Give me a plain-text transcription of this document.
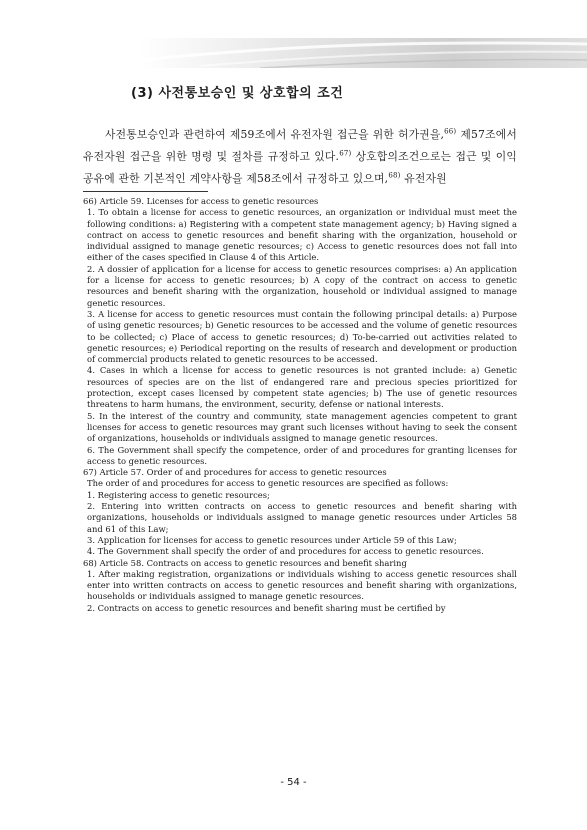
(3) 사전통보승인 및 상호합의 조건
사전통보승인과 관련하여 제59조에서 유전자원 접근을 위한 허가권을,$^{66)}$ 제57조에서 유전자원 접근을 위한 명령 및 절차를 규정하고 있다.$^{67)}$ 상호합의조건으로는 접근 및 이익공유에 관한 기본적인 계약사항을 제58조에서 규정하고 있으며,$^{68)}$ 유전자원

66) Article 59. Licenses for access to genetic resources

1. To obtain a license for access to genetic resources, an organization or individual must meet the following conditions: a) Registering with a competent state management agency; b) Having signed a contract on access to genetic resources and benefit sharing with the organization, household or individual assigned to manage genetic resources; c) Access to genetic resources does not fall into either of the cases specified in Clause 4 of this Article.

2. A dossier of application for a license for access to genetic resources comprises: a) An application for a license for access to genetic resources; b) A copy of the contract on access to genetic resources and benefit sharing with the organization, household or individual assigned to manage genetic resources.

3. A license for access to genetic resources must contain the following principal details: a) Purpose of using genetic resources; b) Genetic resources to be accessed and the volume of genetic resources to be collected; c) Place of access to genetic resources; d) To-be-carried out activities related to genetic resources; e) Periodical reporting on the results of research and development or production of commercial products related to genetic resources to be accessed.

4. Cases in which a license for access to genetic resources is not granted include: a) Genetic resources of species are on the list of endangered rare and precious species prioritized for protection, except cases licensed by competent state agencies; b) The use of genetic resources threatens to harm humans, the environment, security, defense or national interests.

5. In the interest of the country and community, state management agencies competent to grant licenses for access to genetic resources may grant such licenses without having to seek the consent of organizations, households or individuals assigned to manage genetic resources.

6. The Government shall specify the competence, order of and procedures for granting licenses for access to genetic resources.

67) Article 57. Order of and procedures for access to genetic resources

The order of and procedures for access to genetic resources are specified as follows:

1. Registering access to genetic resources;

2. Entering into written contracts on access to genetic resources and benefit sharing with organizations, households or individuals assigned to manage genetic resources under Articles 58 and 61 of this Law;

3. Application for licenses for access to genetic resources under Article 59 of this Law;

4. The Government shall specify the order of and procedures for access to genetic resources.

68) Article 58. Contracts on access to genetic resources and benefit sharing

1. After making registration, organizations or individuals wishing to access genetic resources shall enter into written contracts on access to genetic resources and benefit sharing with organizations, households or individuals assigned to manage genetic resources.

2. Contracts on access to genetic resources and benefit sharing must be certified by

- 54 -
